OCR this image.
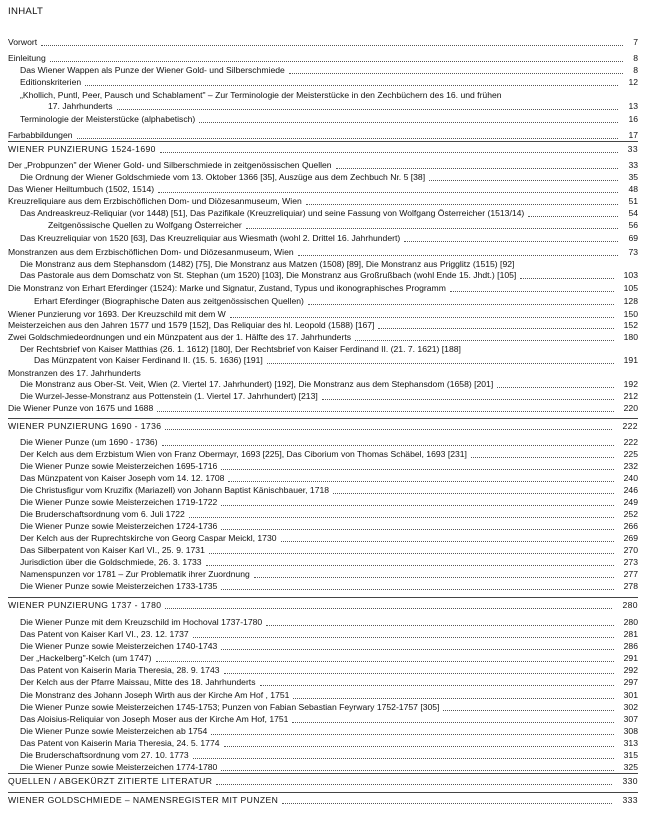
INHALT
Vorwort	7
Einleitung	8
Das Wiener Wappen als Punze der Wiener Gold- und Silberschmiede	8
Editionskriterien	12
„Khollich, Puntl, Peer, Pausch und Schablament" – Zur Terminologie der Meisterstücke in den Zechbüchern des 16. und frühen
17. Jahrhunderts	13
Terminologie der Meisterstücke (alphabetisch)	16
Farbabbildungen	17
WIENER PUNZIERUNG 1524-1690	33
Der „Probpunzen" der Wiener Gold- und Silberschmiede in zeitgenössischen Quellen	33
Die Ordnung der Wiener Goldschmiede vom 13. Oktober 1366 [35], Auszüge aus dem Zechbuch Nr. 5 [38]	35
Das Wiener Heiltumbuch (1502, 1514)	48
Kreuzreliquiare aus dem Erzbischöflichen Dom- und Diözesanmuseum, Wien	51
Das Andreaskreuz-Reliquiar (vor 1448) [51], Das Pazifikale (Kreuzreliquiar) und seine Fassung von Wolfgang Österreicher (1513/14)	54
Zeitgenössische Quellen zu Wolfgang Österreicher	56
Das Kreuzreliquiar von 1520 [63], Das Kreuzreliquiar aus Wiesmath (wohl 2. Drittel 16. Jahrhundert)	69
Monstranzen aus dem Erzbischöflichen Dom- und Diözesanmuseum, Wien	73
Die Monstranz aus dem Stephansdom (1482) [75], Die Monstranz aus Matzen (1508) [89], Die Monstranz aus Prigglitz (1515) [92]
Das Pastorale aus dem Domschatz von St. Stephan (um 1520) [103], Die Monstranz aus Großrußbach (wohl Ende 15. Jhdt.) [105]	103
Die Monstranz von Erhart Eferdinger (1524): Marke und Signatur, Zustand, Typus und ikonographisches Programm	105
Erhart Eferdinger (Biographische Daten aus zeitgenössischen Quellen)	128
Wiener Punzierung vor 1693. Der Kreuzschild mit dem W	150
Meisterzeichen aus den Jahren 1577 und 1579 [152], Das Reliquiar des hl. Leopold (1588) [167]	152
Zwei Goldschmiedeordnungen und ein Münzpatent aus der 1. Hälfte des 17. Jahrhunderts	180
Der Rechtsbrief von Kaiser Matthias (26. 1. 1612) [180], Der Rechtsbrief von Kaiser Ferdinand II. (21. 7. 1621) [188]
Das Münzpatent von Kaiser Ferdinand II. (15. 5. 1636) [191]	191
Monstranzen des 17. Jahrhunderts
Die Monstranz aus Ober-St. Veit, Wien (2. Viertel 17. Jahrhundert) [192], Die Monstranz aus dem Stephansdom (1658) [201]	192
Die Wurzel-Jesse-Monstranz aus Pottenstein (1. Viertel 17. Jahrhundert) [213]	212
Die Wiener Punze von 1675 und 1688	220
WIENER PUNZIERUNG 1690 - 1736	222
Die Wiener Punze (um 1690 - 1736)	222
Der Kelch aus dem Erzbistum Wien von Franz Obermayr, 1693 [225], Das Ciborium von Thomas Schäbel, 1693 [231]	225
Die Wiener Punze sowie Meisterzeichen 1695-1716	232
Das Münzpatent von Kaiser Joseph vom 14. 12. 1708	240
Die Christusfigur vom Kruzifix (Mariazell) von Johann Baptist Känischbauer, 1718	246
Die Wiener Punze sowie Meisterzeichen 1719-1722	249
Die Bruderschaftsordnung vom 6. Juli 1722	252
Die Wiener Punze sowie Meisterzeichen 1724-1736	266
Der Kelch aus der Ruprechtskirche von Georg Caspar Meickl, 1730	269
Das Silberpatent von Kaiser Karl VI., 25. 9. 1731	270
Jurisdiction über die Goldschmiede, 26. 3. 1733	273
Namenspunzen vor 1781 – Zur Problematik ihrer Zuordnung	277
Die Wiener Punze sowie Meisterzeichen 1733-1735	278
WIENER PUNZIERUNG 1737 - 1780	280
Die Wiener Punze mit dem Kreuzschild im Hochoval 1737-1780	280
Das Patent von Kaiser Karl VI., 23. 12. 1737	281
Die Wiener Punze sowie Meisterzeichen 1740-1743	286
Der „Hackelberg"-Kelch (um 1747)	291
Das Patent von Kaiserin Maria Theresia, 28. 9. 1743	292
Der Kelch aus der Pfarre Maissau, Mitte des 18. Jahrhunderts	297
Die Monstranz des Johann Joseph Wirth aus der Kirche Am Hof , 1751	301
Die Wiener Punze sowie Meisterzeichen 1745-1753; Punzen von Fabian Sebastian Feyrwary 1752-1757 [305]	302
Das Aloisius-Reliquiar von Joseph Moser aus der Kirche Am Hof, 1751	307
Die Wiener Punze sowie Meisterzeichen ab 1754	308
Das Patent von Kaiserin Maria Theresia, 24. 5. 1774	313
Die Bruderschaftsordnung vom 27. 10. 1773	315
Die Wiener Punze sowie Meisterzeichen 1774-1780	325
QUELLEN / ABGEKÜRZT ZITIERTE LITERATUR	330
WIENER GOLDSCHMIEDE – NAMENSREGISTER MIT PUNZEN	333
